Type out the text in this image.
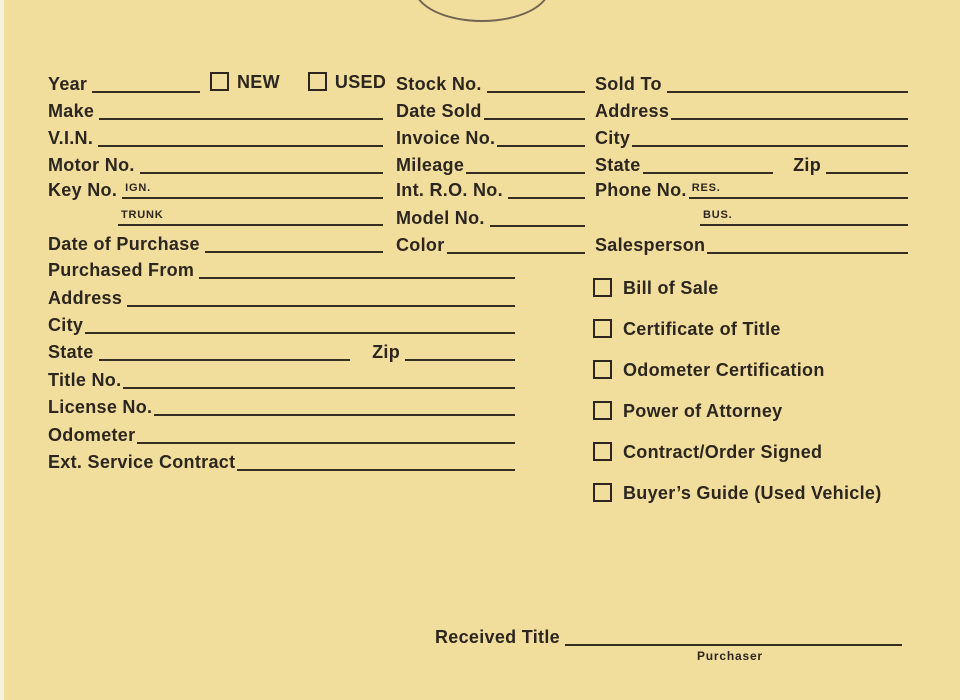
Year	NEW	USED
Make
V.I.N.
Motor No.
Key No. IGN.
TRUNK
Date of Purchase
Purchased From
Address
City
State	Zip
Title No.
License No.
Odometer
Ext. Service Contract
Stock No.
Date Sold
Invoice No.
Mileage
Int. R.O. No.
Model No.
Color
Sold To
Address
City
State	Zip
Phone No. RES.
BUS.
Salesperson
Bill of Sale
Certificate of Title
Odometer Certification
Power of Attorney
Contract/Order Signed
Buyer’s Guide (Used Vehicle)
Received Title
Purchaser
